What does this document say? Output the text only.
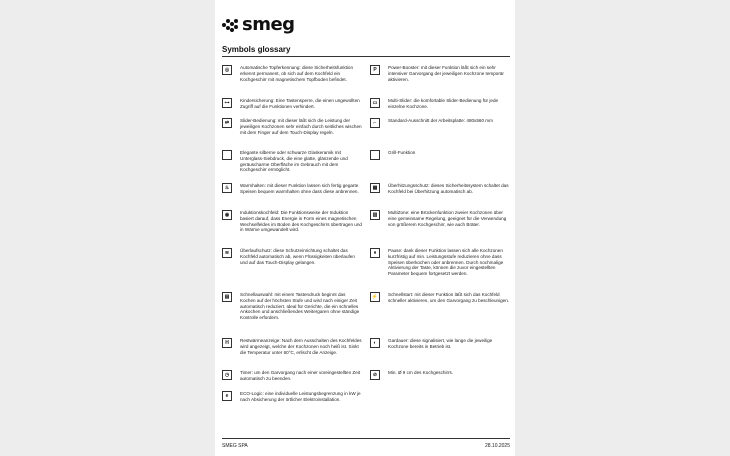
smeg
Symbols glossary
◎	Automatische Topferkennung: diese Sicherheitsfunktion erkennt permanent, ob sich auf dem Kochfeld ein Kochgeschirr mit magnetischem Topfboden befindet.
⊶	Kindersicherung: Eine Tastensperre, die einen ungewollten Zugriff auf die Funktionen verhindert.
⇄	Slider-Bedienung: mit dieser läßt sich die Leistung der jeweiligen Kochzonen sehr einfach durch seitliches wischen mit dem Finger auf dem Touch-Display regeln.
Elegante silberne oder schwarze Glaskeramik mit Unterglass-Siebdruck, die eine glatte, glänzende und geräuscharme Oberfläche im Gebrauch mit dem Kochgeschirr ermöglicht.
♨	Warmhalten: mit dieser Funktion lassen sich fertig gegarte Speisen bequem warmhalten ohne dass diese anbrennen.
◉	Induktionskochfeld: Die Funktionsweise der Induktion basiert darauf, dass Energie in Form eines magnetischen Wechselfeldes im Boden des Kochgeschirrs übertragen und in Wärme umgewandelt wird.
≋	Überlaufschutz: diese Schutzeinrichtung schaltet das Kochfeld automatisch ab, wenn Flüssigkeiten überlaufen und auf das Touch-Display gelangen.
▤	Schnellauswahl: mit einem Tastendruck beginnt das Kochen auf der höchsten Stufe und wird nach einiger Zeit automatisch reduziert. Ideal für Gerichte, die ein schnelles Ankochen und anschließendes Weitergaren ohne ständige Kontrolle erfordern.
H	Restwärmeanzeige: Nach dem Ausschalten des Kochfeldes wird angezeigt, welche der Kochzonen noch heiß ist. Sinkt die Temperatur unter 60°C, erlischt die Anzeige.
◷	Timer: um den Garvorgang nach einer voreingestellten Zeit automatisch zu beenden.
e	ECO-Logic: eine individuelle Leistungsbegrenzung in kW je nach Absicherung der örtlicher Elektroinstallation.
P	Power-Booster: mit dieser Funktion läßt sich ein sehr intensiver Garvorgang der jeweiligen Kochzone temporär aktivieren.
▭	Multi-Slider: die komfortable Slider-Bedienung für jede einzelne Kochzone.
⌐	Standard-Ausschnitt der Arbeitsplatte: 480x560 mm
Grill-Funktion
▦	Überhitzungsschutz: dieses Sicherheitssystem schaltet das Kochfeld bei Überhitzung automatisch ab.
▥	MultiZone: eine Brückenfunktion zweier Kochzonen über eine gemeinsame Regelung, geeignet für die Verwendung von größerem Kochgeschirr, wie auch Bräter.
⏸	Pause: dank dieser Funktion lassen sich alle Kochzonen kurzfristig auf min. Leistungsstufe reduzieren ohne dass Speisen überkochen oder anbrennen. Durch nochmalige Aktivierung der Taste, können die zuvor eingestellten Parameter bequem fortgesetzt werden.
⚡	Schnellstart: mit dieser Funktion läßt sich das Kochfeld schneller aktivieren, um den Garvorgang zu beschleunigen.
◐	Gardauer: diese signalisiert, wie lange die jeweilige Kochzone bereits in Betrieb ist.
⊘	Min. Ø 9 cm des Kochgeschirrs.
SMEG SPA	28.10.2025
